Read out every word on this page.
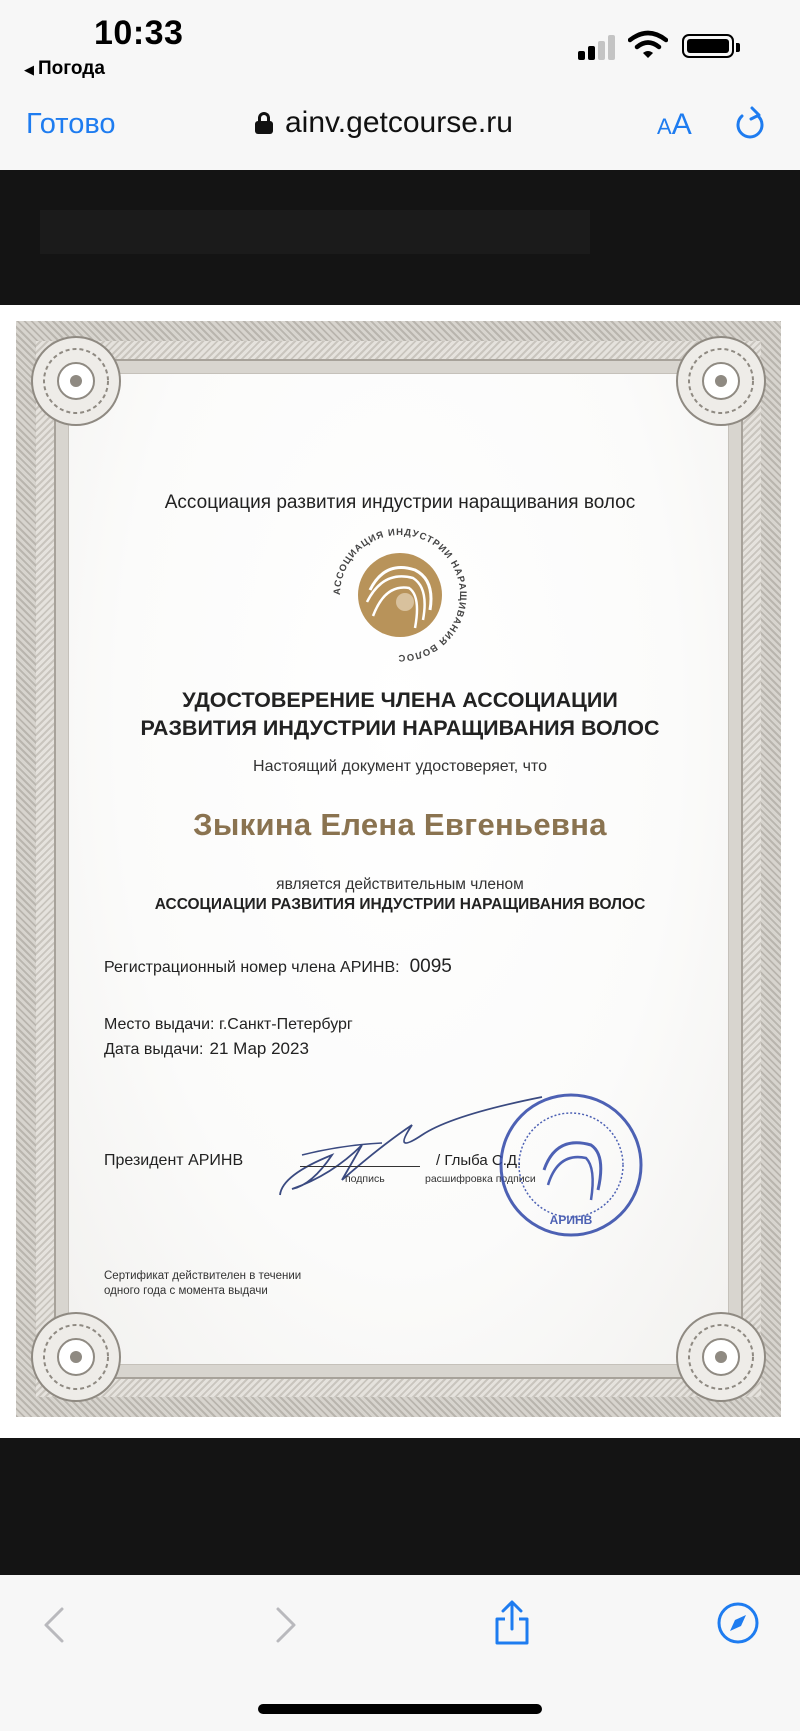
10:33
◀ Погода
Готово	ainv.getcourse.ru	AA
Ассоциация развития индустрии наращивания волос
АССОЦИАЦИЯ ИНДУСТРИИ НАРАЩИВАНИЯ ВОЛОС
УДОСТОВЕРЕНИЕ ЧЛЕНА АССОЦИАЦИИ
РАЗВИТИЯ ИНДУСТРИИ НАРАЩИВАНИЯ ВОЛОС
Настоящий документ удостоверяет, что
Зыкина Елена Евгеньевна
является действительным членом
АССОЦИАЦИИ РАЗВИТИЯ ИНДУСТРИИ НАРАЩИВАНИЯ ВОЛОС
Регистрационный номер члена АРИНВ: 0095
Место выдачи: г.Санкт-Петербург
Дата выдачи: 21 Мар 2023
Президент АРИНВ
подпись
/ Глыба С.Д.
расшифровка подписи
АРИНВ
Сертификат действителен в течении
одного года с момента выдачи
